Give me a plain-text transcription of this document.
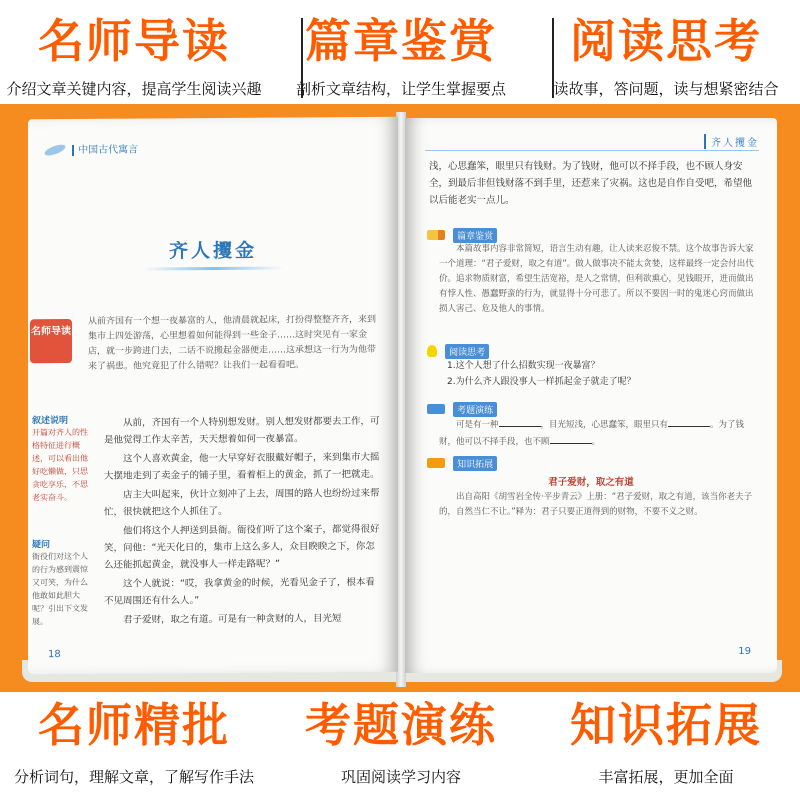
名师导读
介绍文章关键内容，提高学生阅读兴趣
篇章鉴赏
剖析文章结构，让学生掌握要点
阅读思考
读故事，答问题，读与想紧密结合
中国古代寓言
齐人攫金
名师导读
从前齐国有一个想一夜暴富的人，他清晨就起床，打扮得整整齐齐，来到集市上四处游荡，心里想着如何能得到一些金子……这时突见有一家金店，就一步跨进门去，二话不说搬起金器便走……这承想这一行为为他带来了祸患。他究竟犯了什么错呢？让我们一起看看吧。
叙述说明
开篇对齐人的性格特征进行概述，可以看出他好吃懒做，只思贪吃享乐，不思老实奋斗。
疑问
衙役们对这个人的行为感到震惊又可笑，为什么他敢如此胆大呢？引出下文发展。

从前，齐国有一个人特别想发财。别人想发财都要去工作，可是他觉得工作太辛苦，天天想着如何一夜暴富。

这个人喜欢黄金，他一大早穿好衣服戴好帽子，来到集市大摇大摆地走到了卖金子的铺子里，看着柜上的黄金，抓了一把就走。

店主大叫起来，伙计立刻冲了上去，周围的路人也纷纷过来帮忙，很快就把这个人抓住了。

他们将这个人押送到县衙。衙役们听了这个案子，都觉得很好笑，问他：“光天化日的，集市上这么多人，众目睽睽之下，你怎么还能抓起黄金，就没事人一样走路呢？”

这个人就说：“哎，我拿黄金的时候，光看见金子了，根本看不见周围还有什么人。”

君子爱财，取之有道。可是有一种贪财的人，目光短

18
齐人攫金
浅，心思蠢笨，眼里只有钱财。为了钱财，他可以不择手段，也不顾人身安全，到最后非但钱财落不到手里，还惹来了灾祸。这也是自作自受吧，希望他以后能老实一点儿。
篇章鉴赏
本篇故事内容非常简短，语言生动有趣，让人读来忍俊不禁。这个故事告诉大家一个道理：“君子爱财，取之有道”。做人做事决不能太贪婪，这样最终一定会付出代价。追求物质财富，希望生活宽裕，是人之常情，但利欲熏心，见钱眼开，进而做出有悖人性、愚蠢野蛮的行为，就显得十分可悲了。所以不要因一时的鬼迷心窍而做出损人害己、危及他人的事情。
阅读思考
1.这个人想了什么招数实现一夜暴富？
2.为什么齐人跟没事人一样抓起金子就走了呢？
考题演练
可是有一种	，目光短浅，心思蠢笨，眼里只有	。为了钱财，他可以不择手段，也不顾	。
知识拓展
君子爱财，取之有道
出自高阳《胡雪岩全传·平步青云》上册：“君子爱财，取之有道，该当你老夫子的，自然当仁不让。”释为：君子只要正道得到的财物，不要不义之财。
19
名师精批
分析词句，理解文章，了解写作手法
考题演练
巩固阅读学习内容
知识拓展
丰富拓展，更加全面
